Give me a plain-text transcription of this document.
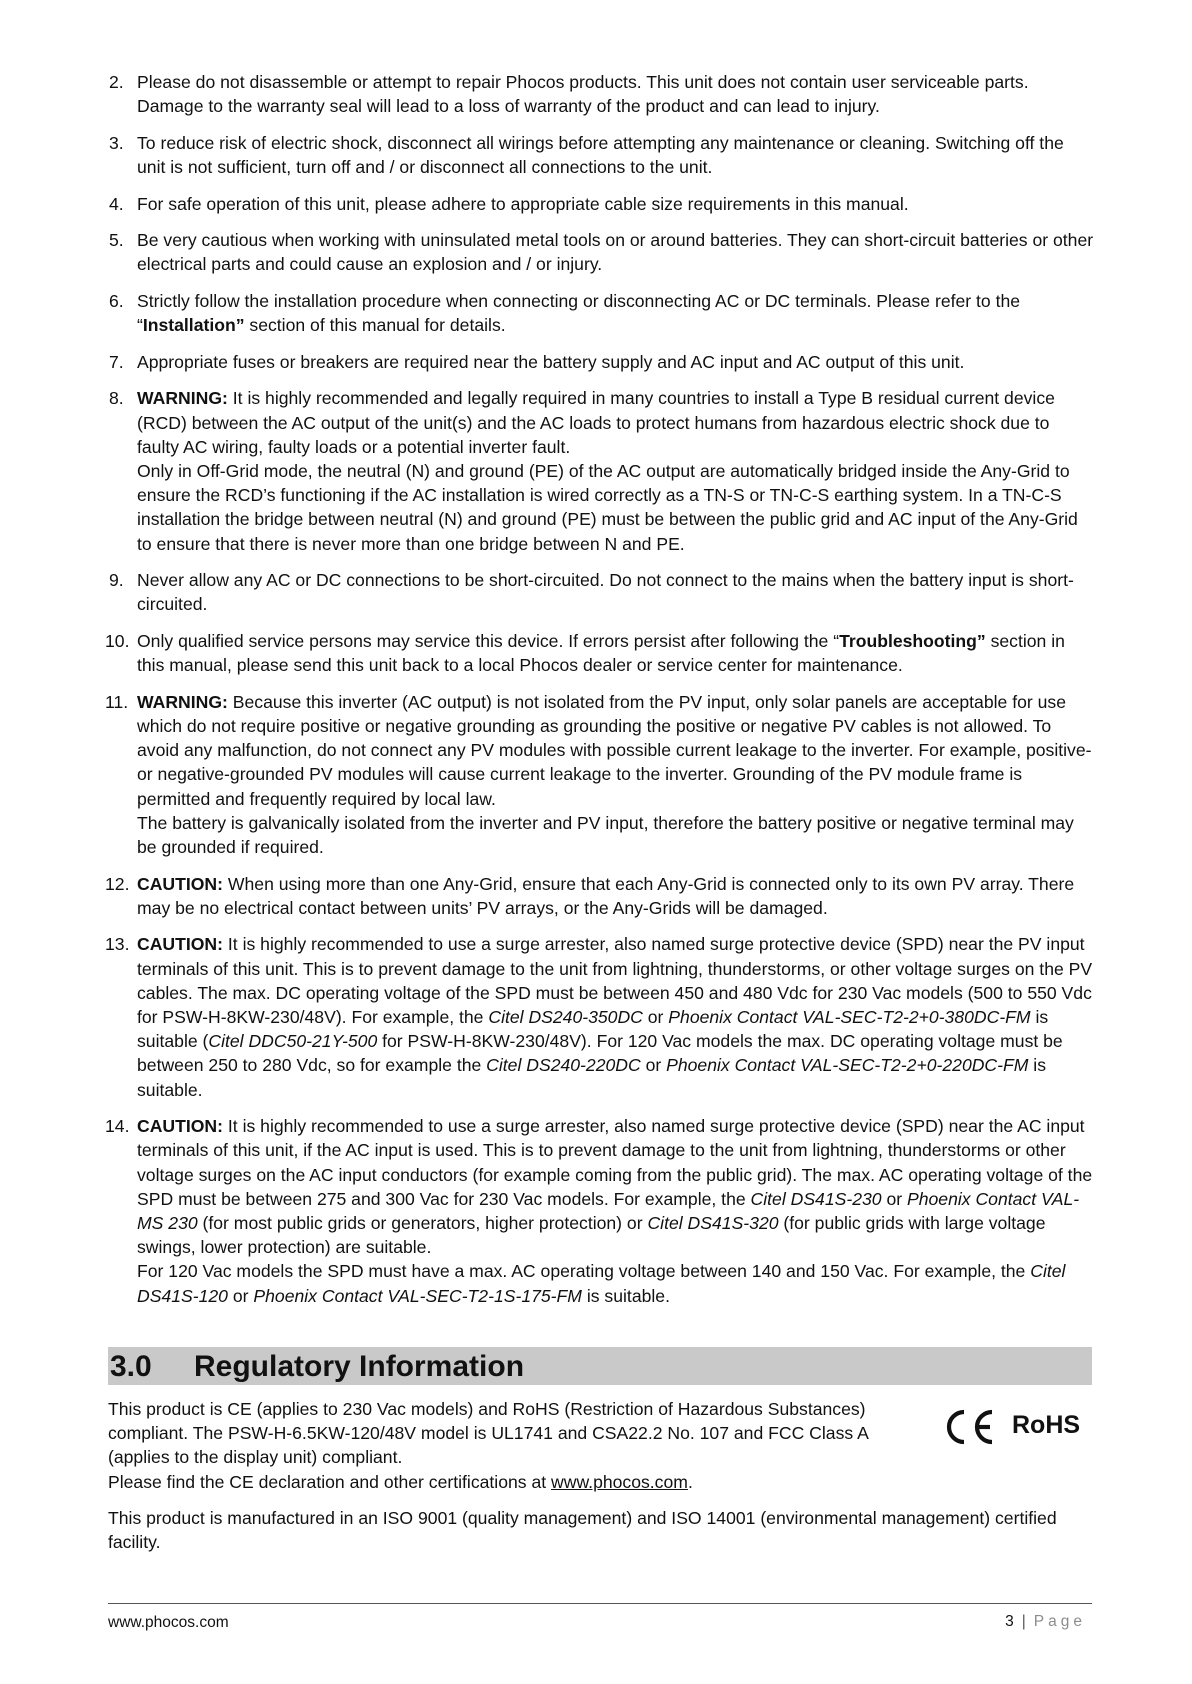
2. Please do not disassemble or attempt to repair Phocos products. This unit does not contain user serviceable parts. Damage to the warranty seal will lead to a loss of warranty of the product and can lead to injury.
3. To reduce risk of electric shock, disconnect all wirings before attempting any maintenance or cleaning. Switching off the unit is not sufficient, turn off and / or disconnect all connections to the unit.
4. For safe operation of this unit, please adhere to appropriate cable size requirements in this manual.
5. Be very cautious when working with uninsulated metal tools on or around batteries. They can short-circuit batteries or other electrical parts and could cause an explosion and / or injury.
6. Strictly follow the installation procedure when connecting or disconnecting AC or DC terminals. Please refer to the “Installation” section of this manual for details.
7. Appropriate fuses or breakers are required near the battery supply and AC input and AC output of this unit.
8. WARNING: It is highly recommended and legally required in many countries to install a Type B residual current device (RCD) between the AC output of the unit(s) and the AC loads to protect humans from hazardous electric shock due to faulty AC wiring, faulty loads or a potential inverter fault.
Only in Off-Grid mode, the neutral (N) and ground (PE) of the AC output are automatically bridged inside the Any-Grid to ensure the RCD’s functioning if the AC installation is wired correctly as a TN-S or TN-C-S earthing system. In a TN-C-S installation the bridge between neutral (N) and ground (PE) must be between the public grid and AC input of the Any-Grid to ensure that there is never more than one bridge between N and PE.
9. Never allow any AC or DC connections to be short-circuited. Do not connect to the mains when the battery input is short-circuited.
10. Only qualified service persons may service this device. If errors persist after following the “Troubleshooting” section in this manual, please send this unit back to a local Phocos dealer or service center for maintenance.
11. WARNING: Because this inverter (AC output) is not isolated from the PV input, only solar panels are acceptable for use which do not require positive or negative grounding as grounding the positive or negative PV cables is not allowed. To avoid any malfunction, do not connect any PV modules with possible current leakage to the inverter. For example, positive- or negative-grounded PV modules will cause current leakage to the inverter. Grounding of the PV module frame is permitted and frequently required by local law.
The battery is galvanically isolated from the inverter and PV input, therefore the battery positive or negative terminal may be grounded if required.
12. CAUTION: When using more than one Any-Grid, ensure that each Any-Grid is connected only to its own PV array. There may be no electrical contact between units’ PV arrays, or the Any-Grids will be damaged.
13. CAUTION: It is highly recommended to use a surge arrester, also named surge protective device (SPD) near the PV input terminals of this unit. This is to prevent damage to the unit from lightning, thunderstorms, or other voltage surges on the PV cables. The max. DC operating voltage of the SPD must be between 450 and 480 Vdc for 230 Vac models (500 to 550 Vdc for PSW-H-8KW-230/48V). For example, the Citel DS240-350DC or Phoenix Contact VAL-SEC-T2-2+0-380DC-FM is suitable (Citel DDC50-21Y-500 for PSW-H-8KW-230/48V). For 120 Vac models the max. DC operating voltage must be between 250 to 280 Vdc, so for example the Citel DS240-220DC or Phoenix Contact VAL-SEC-T2-2+0-220DC-FM is suitable.
14. CAUTION: It is highly recommended to use a surge arrester, also named surge protective device (SPD) near the AC input terminals of this unit, if the AC input is used. This is to prevent damage to the unit from lightning, thunderstorms or other voltage surges on the AC input conductors (for example coming from the public grid). The max. AC operating voltage of the SPD must be between 275 and 300 Vac for 230 Vac models. For example, the Citel DS41S-230 or Phoenix Contact VAL-MS 230 (for most public grids or generators, higher protection) or Citel DS41S-320 (for public grids with large voltage swings, lower protection) are suitable.
For 120 Vac models the SPD must have a max. AC operating voltage between 140 and 150 Vac. For example, the Citel DS41S-120 or Phoenix Contact VAL-SEC-T2-1S-175-FM is suitable.
3.0 Regulatory Information

This product is CE (applies to 230 Vac models) and RoHS (Restriction of Hazardous Substances) compliant. The PSW-H-6.5KW-120/48V model is UL1741 and CSA22.2 No. 107 and FCC Class A (applies to the display unit) compliant.
Please find the CE declaration and other certifications at www.phocos.com.

This product is manufactured in an ISO 9001 (quality management) and ISO 14001 (environmental management) certified facility.

CE
RoHS
www.phocos.com	3 | Page
